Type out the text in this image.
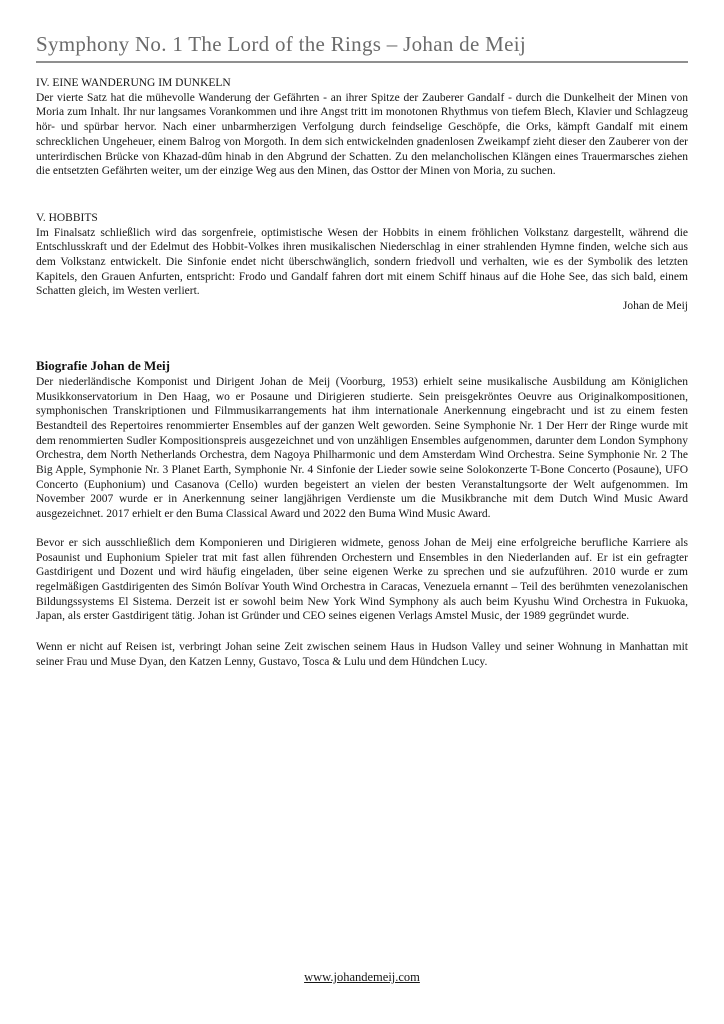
Symphony No. 1 The Lord of the Rings – Johan de Meij
IV. EINE WANDERUNG IM DUNKELN

Der vierte Satz hat die mühevolle Wanderung der Gefährten - an ihrer Spitze der Zauberer Gandalf - durch die Dunkelheit der Minen von Moria zum Inhalt. Ihr nur langsames Vorankommen und ihre Angst tritt im monotonen Rhythmus von tiefem Blech, Klavier und Schlagzeug hör- und spürbar hervor. Nach einer unbarmherzigen Verfolgung durch feindselige Geschöpfe, die Orks, kämpft Gandalf mit einem schrecklichen Ungeheuer, einem Balrog von Morgoth. In dem sich entwickelnden gnadenlosen Zweikampf zieht dieser den Zauberer von der unterirdischen Brücke von Khazad-dûm hinab in den Abgrund der Schatten. Zu den melancholischen Klängen eines Trauermarsches ziehen die entsetzten Gefährten weiter, um der einzige Weg aus den Minen, das Osttor der Minen von Moria, zu suchen.

V. HOBBITS

Im Finalsatz schließlich wird das sorgenfreie, optimistische Wesen der Hobbits in einem fröhlichen Volkstanz dargestellt, während die Entschlusskraft und der Edelmut des Hobbit-Volkes ihren musikalischen Niederschlag in einer strahlenden Hymne finden, welche sich aus dem Volkstanz entwickelt. Die Sinfonie endet nicht überschwänglich, sondern friedvoll und verhalten, wie es der Symbolik des letzten Kapitels, den Grauen Anfurten, entspricht: Frodo und Gandalf fahren dort mit einem Schiff hinaus auf die Hohe See, das sich bald, einem Schatten gleich, im Westen verliert.

Johan de Meij
Biografie Johan de Meij

Der niederländische Komponist und Dirigent Johan de Meij (Voorburg, 1953) erhielt seine musikalische Ausbildung am Königlichen Musikkonservatorium in Den Haag, wo er Posaune und Dirigieren studierte. Sein preisgekröntes Oeuvre aus Originalkompositionen, symphonischen Transkriptionen und Filmmusikarrangements hat ihm internationale Anerkennung eingebracht und ist zu einem festen Bestandteil des Repertoires renommierter Ensembles auf der ganzen Welt geworden. Seine Symphonie Nr. 1 Der Herr der Ringe wurde mit dem renommierten Sudler Kompositionspreis ausgezeichnet und von unzähligen Ensembles aufgenommen, darunter dem London Symphony Orchestra, dem North Netherlands Orchestra, dem Nagoya Philharmonic und dem Amsterdam Wind Orchestra. Seine Symphonie Nr. 2 The Big Apple, Symphonie Nr. 3 Planet Earth, Symphonie Nr. 4 Sinfonie der Lieder sowie seine Solokonzerte T-Bone Concerto (Posaune), UFO Concerto (Euphonium) und Casanova (Cello) wurden begeistert an vielen der besten Veranstaltungsorte der Welt aufgenommen. Im November 2007 wurde er in Anerkennung seiner langjährigen Verdienste um die Musikbranche mit dem Dutch Wind Music Award ausgezeichnet. 2017 erhielt er den Buma Classical Award und 2022 den Buma Wind Music Award.

Bevor er sich ausschließlich dem Komponieren und Dirigieren widmete, genoss Johan de Meij eine erfolgreiche berufliche Karriere als Posaunist und Euphonium Spieler trat mit fast allen führenden Orchestern und Ensembles in den Niederlanden auf. Er ist ein gefragter Gastdirigent und Dozent und wird häufig eingeladen, über seine eigenen Werke zu sprechen und sie aufzuführen. 2010 wurde er zum regelmäßigen Gastdirigenten des Simón Bolívar Youth Wind Orchestra in Caracas, Venezuela ernannt – Teil des berühmten venezolanischen Bildungssystems El Sistema. Derzeit ist er sowohl beim New York Wind Symphony als auch beim Kyushu Wind Orchestra in Fukuoka, Japan, als erster Gastdirigent tätig. Johan ist Gründer und CEO seines eigenen Verlags Amstel Music, der 1989 gegründet wurde.

Wenn er nicht auf Reisen ist, verbringt Johan seine Zeit zwischen seinem Haus in Hudson Valley und seiner Wohnung in Manhattan mit seiner Frau und Muse Dyan, den Katzen Lenny, Gustavo, Tosca & Lulu und dem Hündchen Lucy.

www.johandemeij.com
